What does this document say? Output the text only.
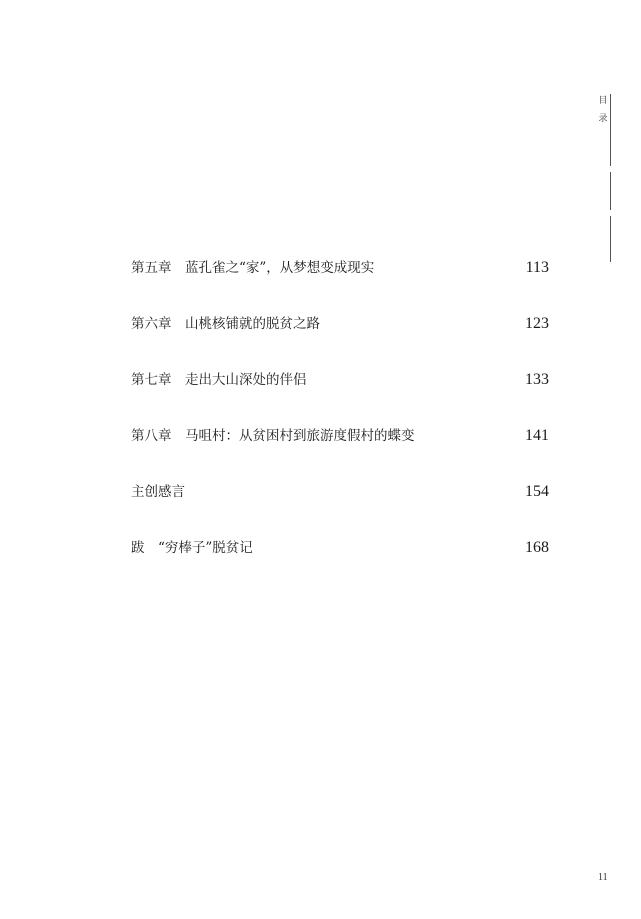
目
录
第五章　蓝孔雀之“家”，从梦想变成现实	113
第六章　山桃核铺就的脱贫之路	123
第七章　走出大山深处的伴侣	133
第八章　马咀村：从贫困村到旅游度假村的蝶变	141
主创感言	154
跋　“穷棒子”脱贫记	168
11
